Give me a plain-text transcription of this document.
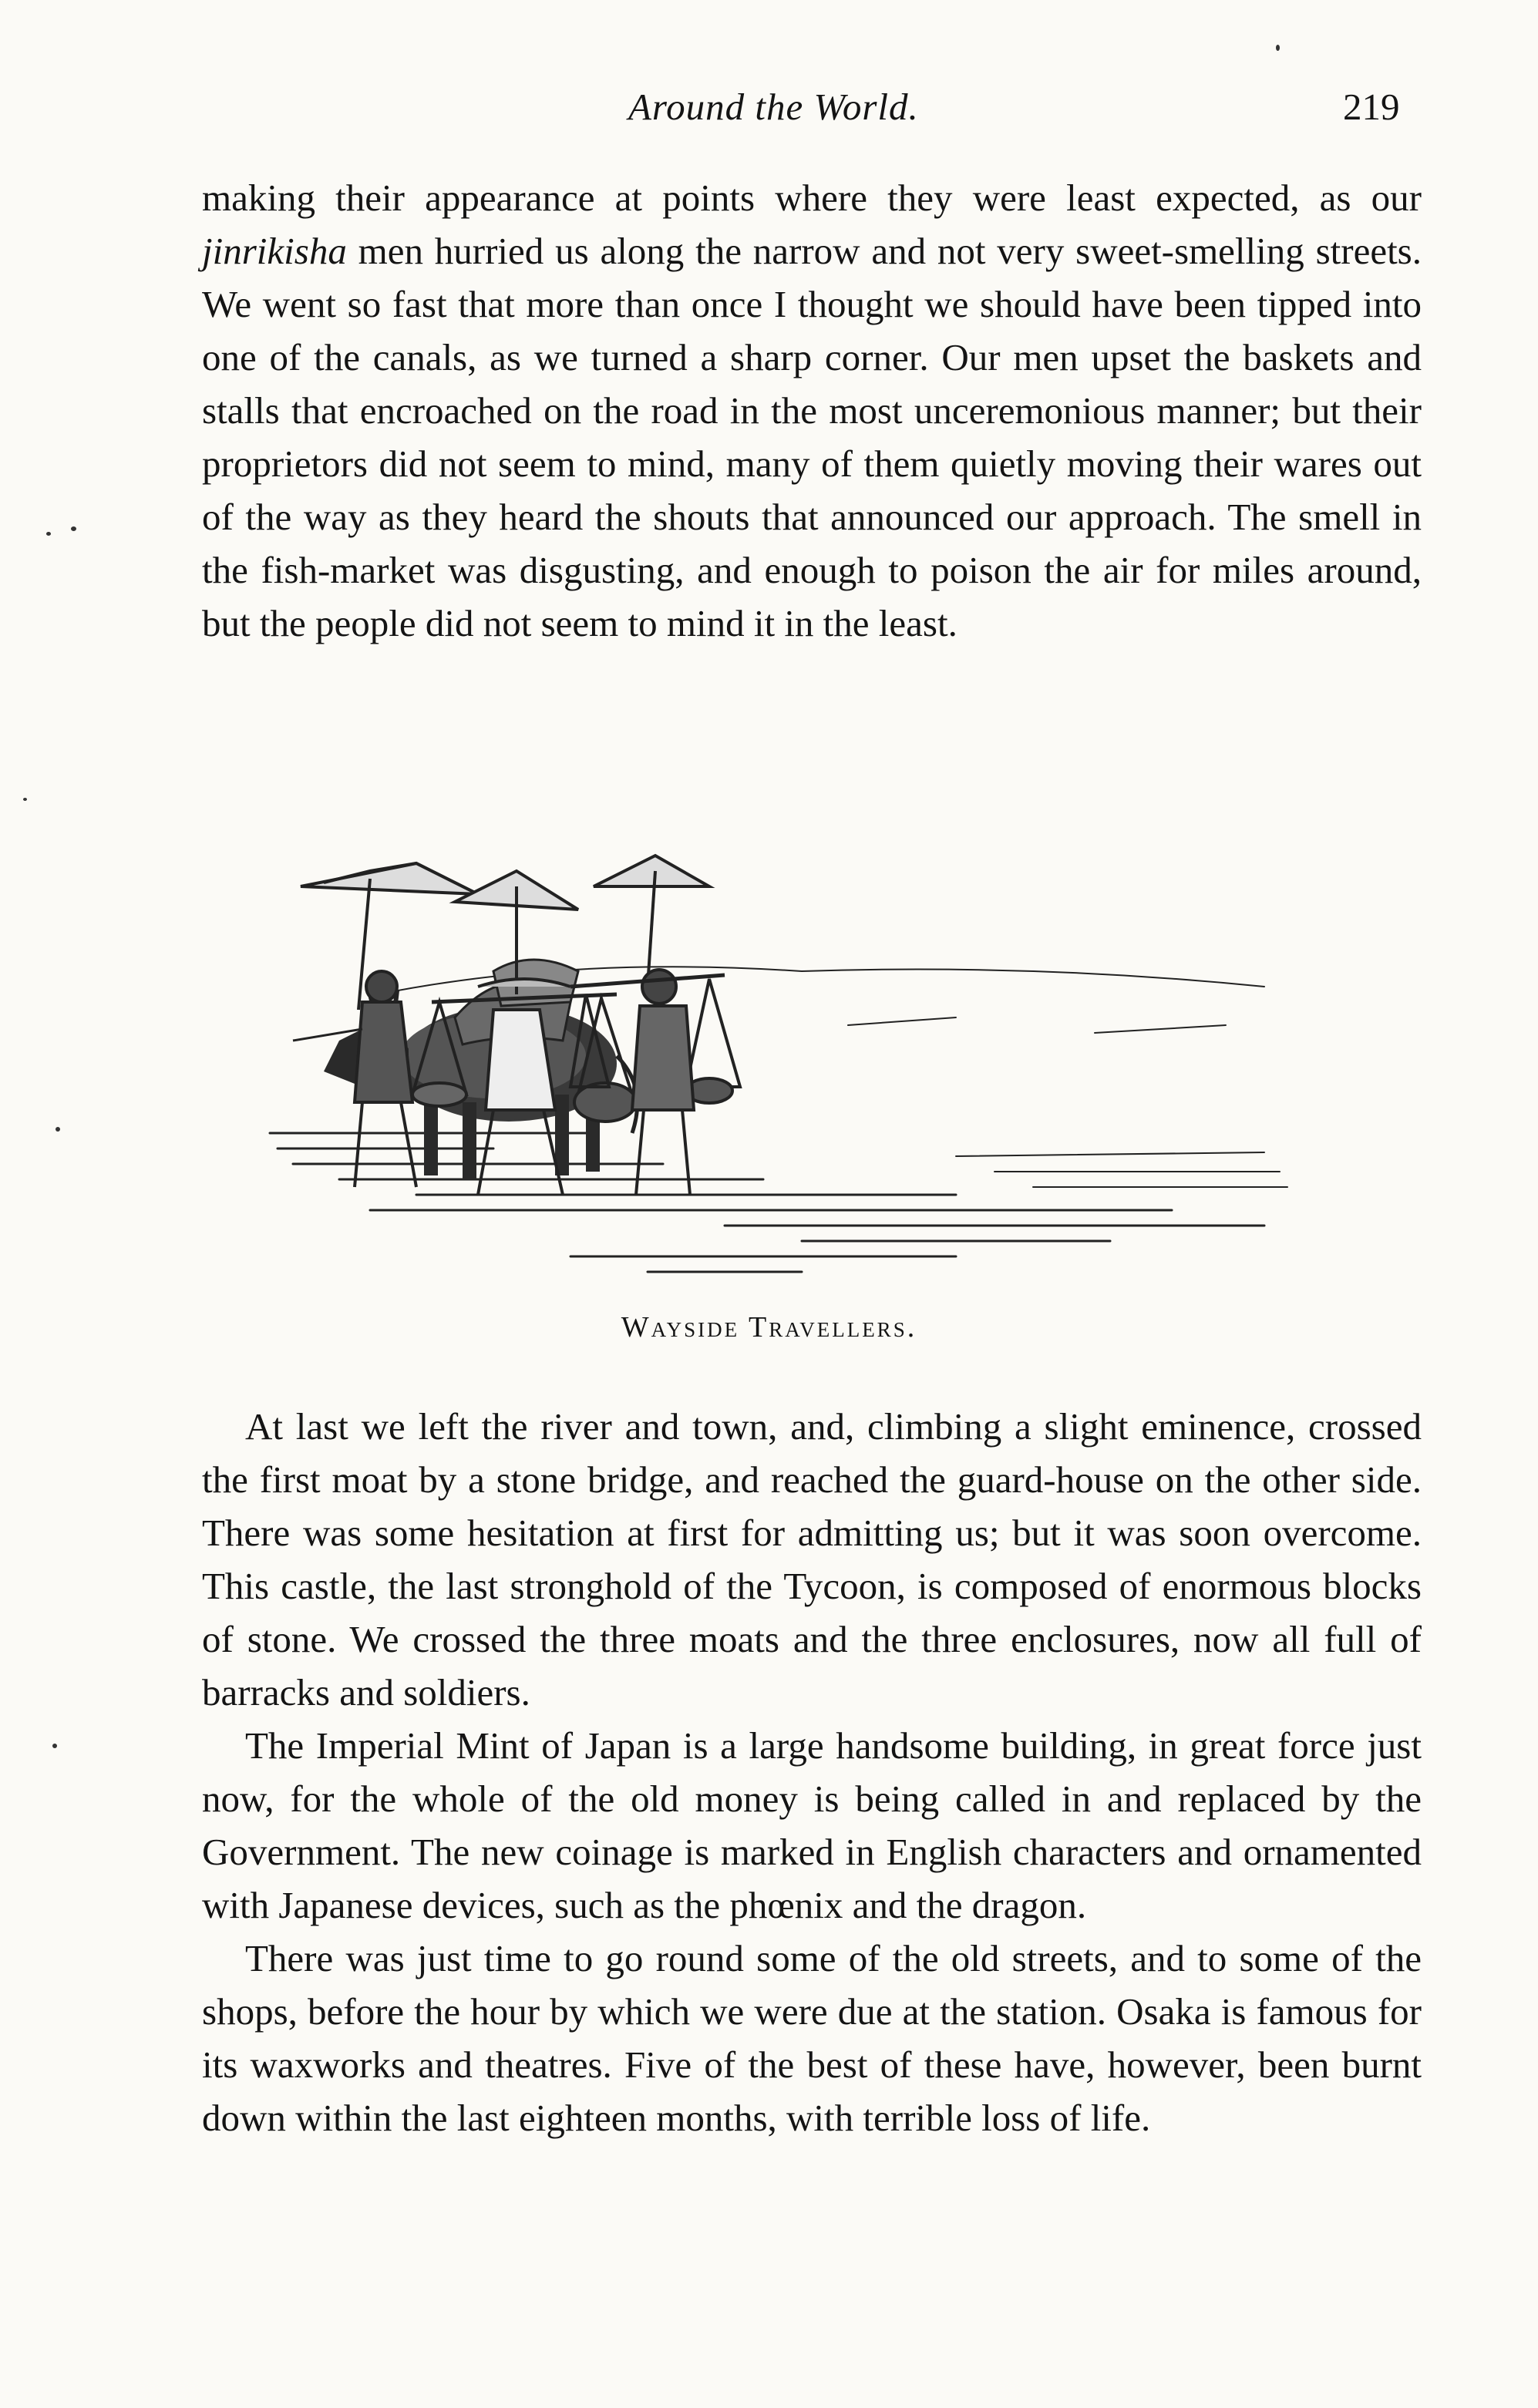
Around the World.	219

making their appearance at points where they were least expected, as our jinrikisha men hurried us along the narrow and not very sweet-smelling streets. We went so fast that more than once I thought we should have been tipped into one of the canals, as we turned a sharp corner. Our men upset the baskets and stalls that encroached on the road in the most unceremonious manner; but their proprietors did not seem to mind, many of them quietly moving their wares out of the way as they heard the shouts that announced our approach. The smell in the fish-market was disgusting, and enough to poison the air for miles around, but the people did not seem to mind it in the least.

Wayside Travellers.

At last we left the river and town, and, climbing a slight eminence, crossed the first moat by a stone bridge, and reached the guard-house on the other side. There was some hesitation at first for admitting us; but it was soon overcome. This castle, the last stronghold of the Tycoon, is composed of enormous blocks of stone. We crossed the three moats and the three enclosures, now all full of barracks and soldiers.

The Imperial Mint of Japan is a large handsome building, in great force just now, for the whole of the old money is being called in and replaced by the Government. The new coinage is marked in English characters and ornamented with Japanese devices, such as the phœnix and the dragon.

There was just time to go round some of the old streets, and to some of the shops, before the hour by which we were due at the station. Osaka is famous for its waxworks and theatres. Five of the best of these have, however, been burnt down within the last eighteen months, with terrible loss of life.
